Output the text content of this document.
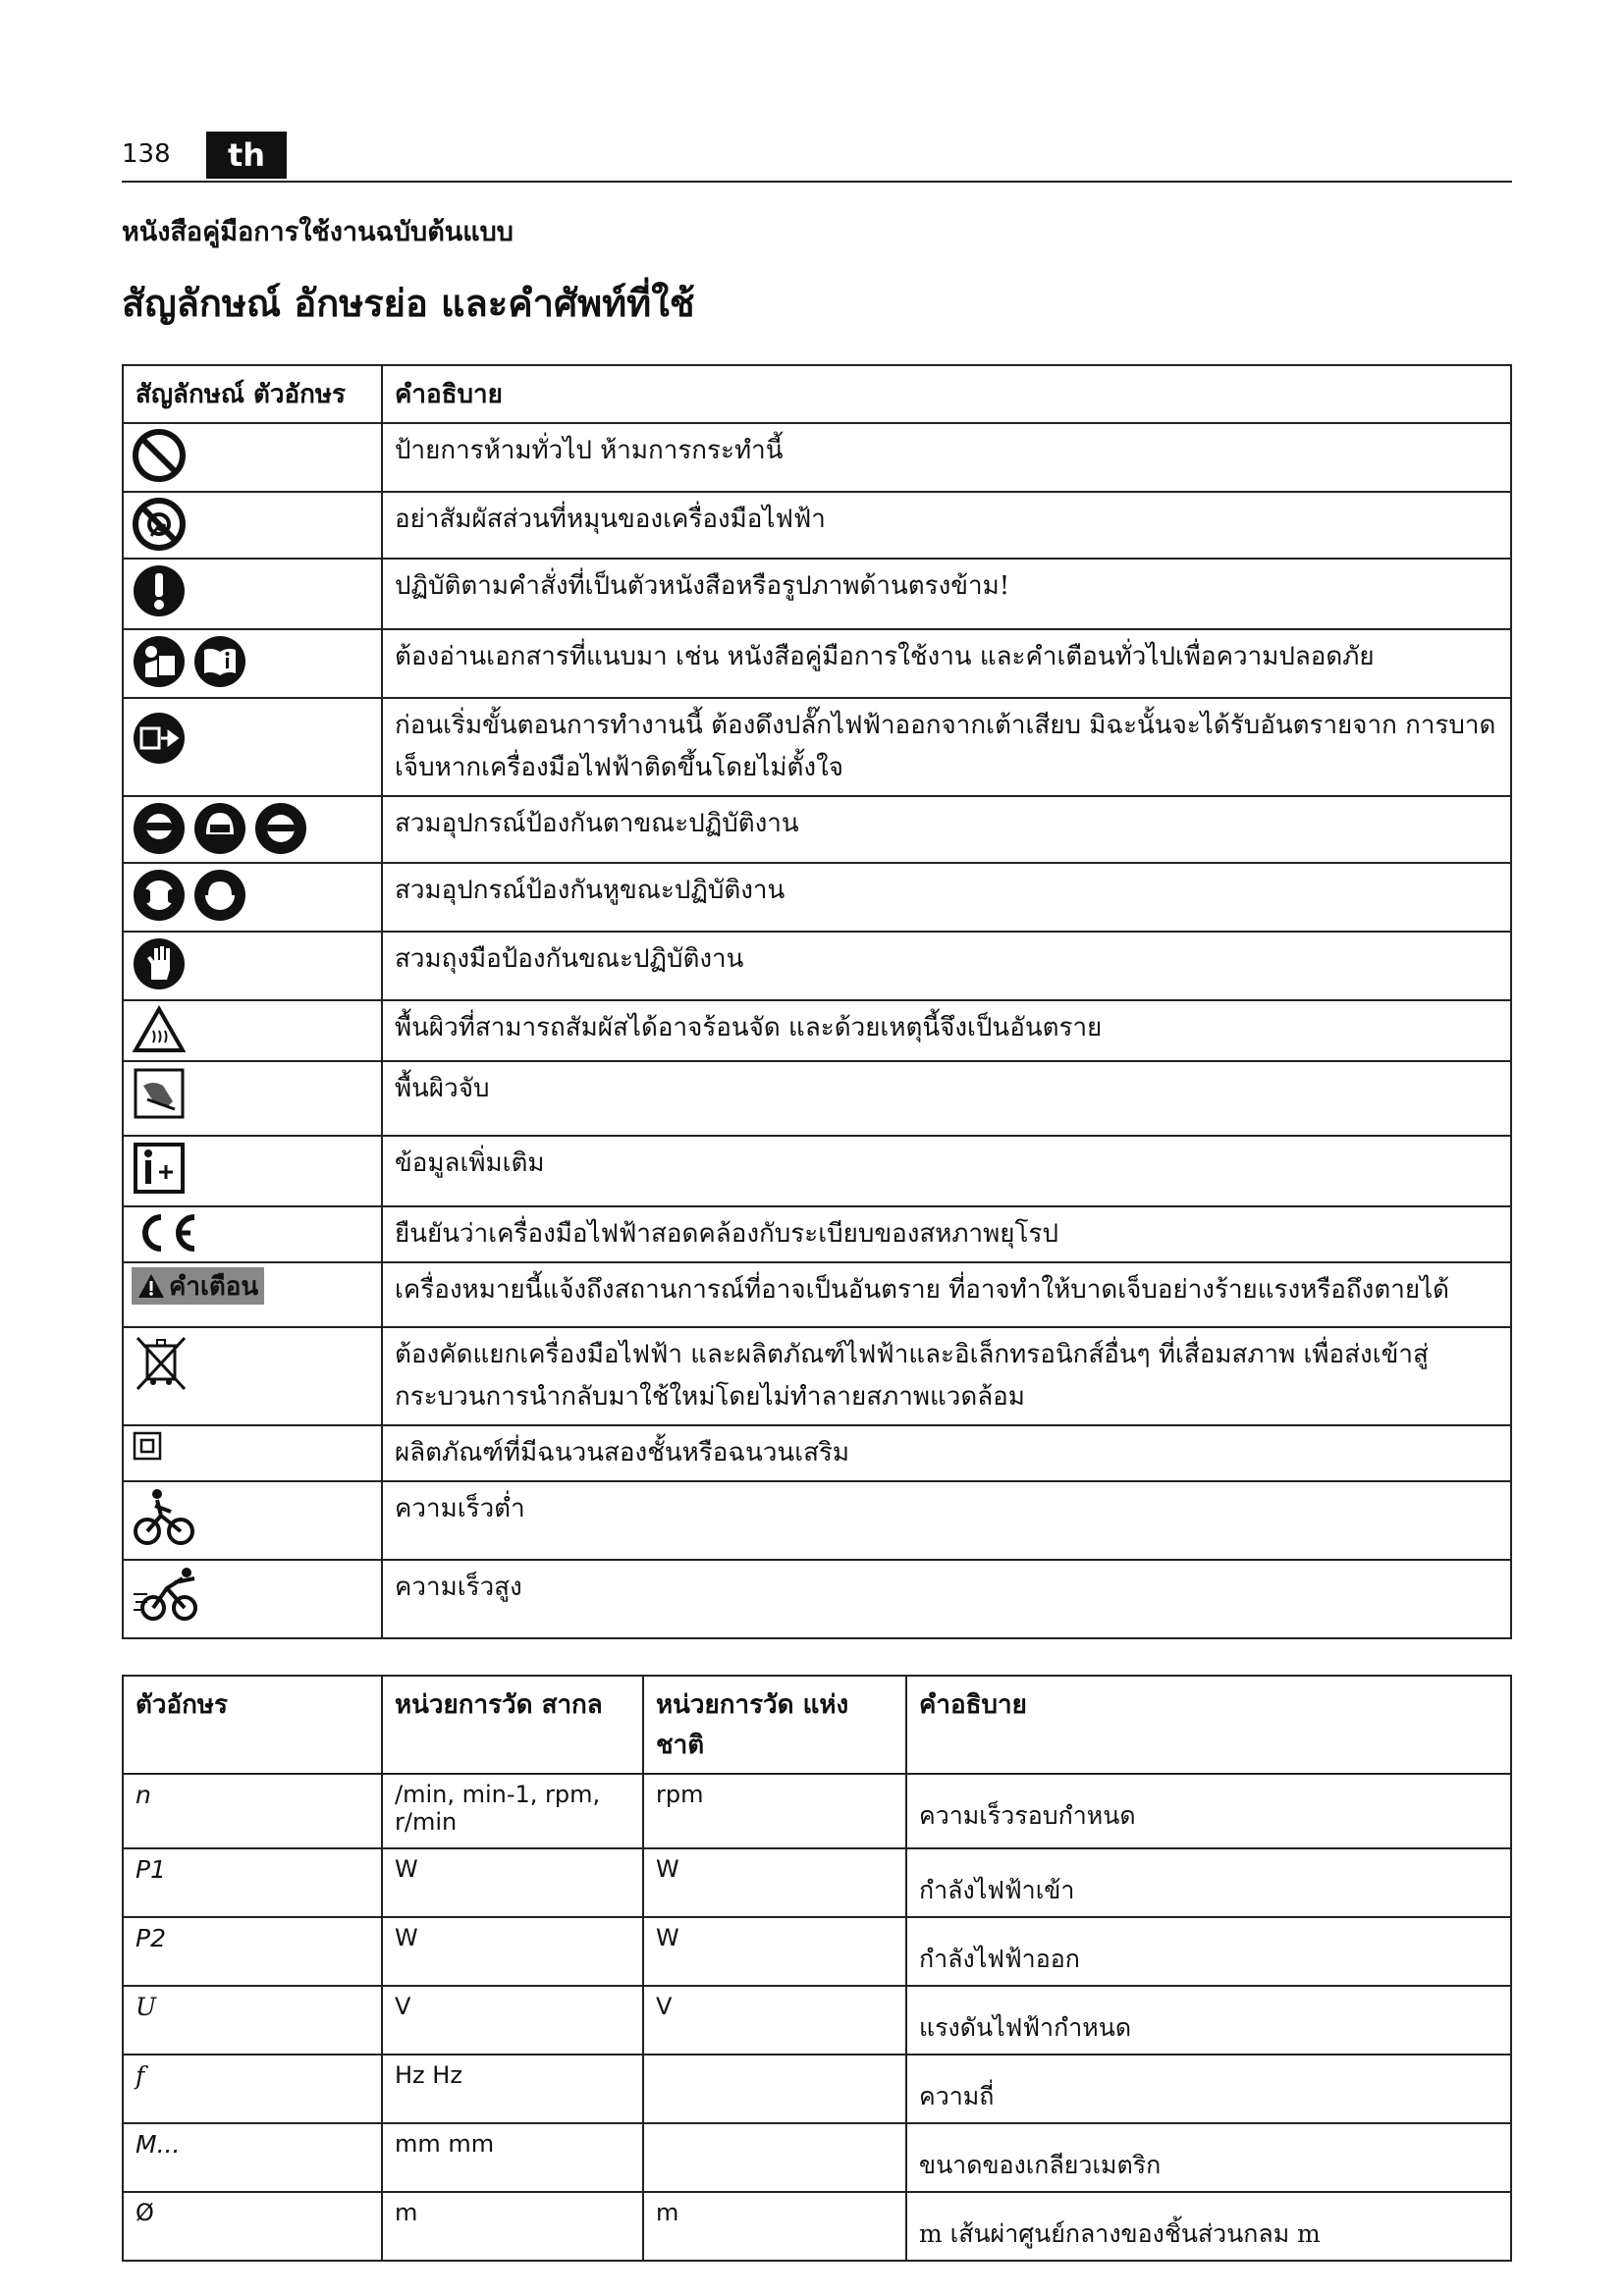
138	th
หนังสือคู่มือการใช้งานฉบับต้นแบบ
สัญลักษณ์ อักษรย่อ และคำศัพท์ที่ใช้
สัญลักษณ์ ตัวอักษร	คำอธิบาย

	ป้ายการห้ามทั่วไป ห้ามการกระทำนี้

	อย่าสัมผัสส่วนที่หมุนของเครื่องมือไฟฟ้า

	ปฏิบัติตามคำสั่งที่เป็นตัวหนังสือหรือรูปภาพด้านตรงข้าม!

	ต้องอ่านเอกสารที่แนบมา เช่น หนังสือคู่มือการใช้งาน และคำเตือนทั่วไปเพื่อความปลอดภัย

	ก่อนเริ่มขั้นตอนการทำงานนี้ ต้องดึงปลั๊กไฟฟ้าออกจากเต้าเสียบ มิฉะนั้นจะได้รับอันตรายจาก การบาดเจ็บหากเครื่องมือไฟฟ้าติดขึ้นโดยไม่ตั้งใจ

	สวมอุปกรณ์ป้องกันตาขณะปฏิบัติงาน

	สวมอุปกรณ์ป้องกันหูขณะปฏิบัติงาน

	สวมถุงมือป้องกันขณะปฏิบัติงาน

	พื้นผิวที่สามารถสัมผัสได้อาจร้อนจัด และด้วยเหตุนี้จึงเป็นอันตราย

	พื้นผิวจับ

	ข้อมูลเพิ่มเติม

	ยืนยันว่าเครื่องมือไฟฟ้าสอดคล้องกับระเบียบของสหภาพยุโรป

คำเตือน	เครื่องหมายนี้แจ้งถึงสถานการณ์ที่อาจเป็นอันตราย ที่อาจทำให้บาดเจ็บอย่างร้ายแรงหรือถึงตายได้

	ต้องคัดแยกเครื่องมือไฟฟ้า และผลิตภัณฑ์ไฟฟ้าและอิเล็กทรอนิกส์อื่นๆ ที่เสื่อมสภาพ เพื่อส่งเข้าสู่ กระบวนการนำกลับมาใช้ใหม่โดยไม่ทำลายสภาพแวดล้อม

	ผลิตภัณฑ์ที่มีฉนวนสองชั้นหรือฉนวนเสริม

	ความเร็วต่ำ

	ความเร็วสูง
ตัวอักษร	หน่วยการวัด สากล	หน่วยการวัด แห่งชาติ	คำอธิบาย
n	/min, min-1, rpm, r/min	rpm	ความเร็วรอบกำหนด
P1	W	W	กำลังไฟฟ้าเข้า
P2	W	W	กำลังไฟฟ้าออก
U	V	V	แรงดันไฟฟ้ากำหนด
f	Hz Hz		ความถี่
M...	mm mm		ขนาดของเกลียวเมตริก
Ø	m	m	m เส้นผ่าศูนย์กลางของชิ้นส่วนกลม m
